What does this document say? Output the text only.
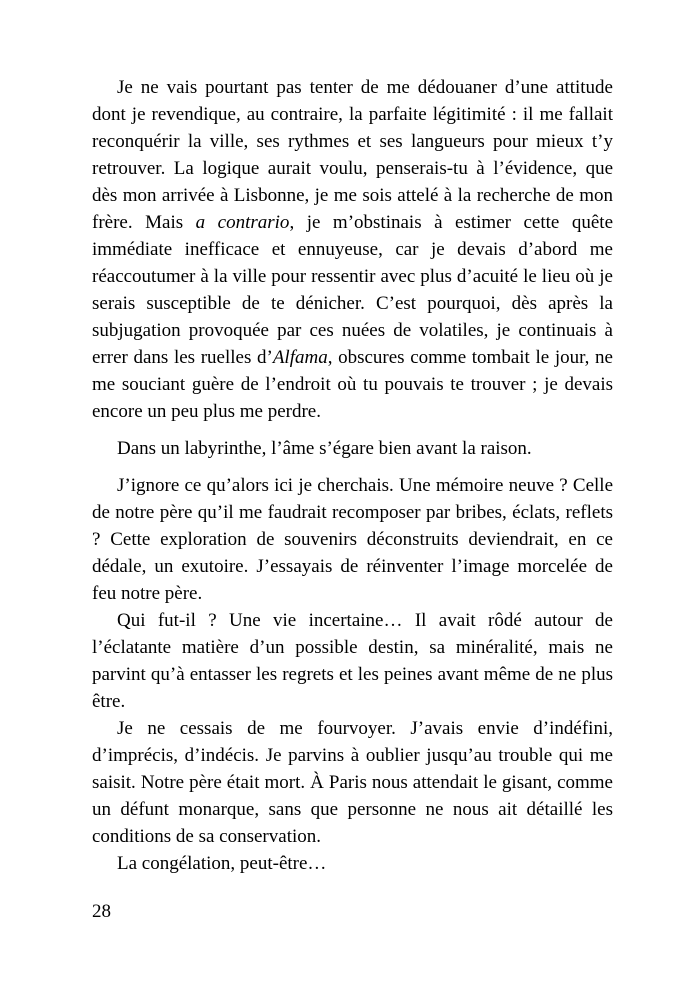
Je ne vais pourtant pas tenter de me dédouaner d’une attitude dont je revendique, au contraire, la parfaite légitimité : il me fallait reconquérir la ville, ses rythmes et ses langueurs pour mieux t’y retrouver. La logique aurait voulu, penserais-tu à l’évidence, que dès mon arrivée à Lisbonne, je me sois attelé à la recherche de mon frère. Mais a contrario, je m’obstinais à estimer cette quête immédiate inefficace et ennuyeuse, car je devais d’abord me réaccoutumer à la ville pour ressentir avec plus d’acuité le lieu où je serais susceptible de te dénicher. C’est pourquoi, dès après la subjugation provoquée par ces nuées de volatiles, je continuais à errer dans les ruelles d’Alfama, obscures comme tombait le jour, ne me souciant guère de l’endroit où tu pouvais te trouver ; je devais encore un peu plus me perdre.

Dans un labyrinthe, l’âme s’égare bien avant la raison.

J’ignore ce qu’alors ici je cherchais. Une mémoire neuve ? Celle de notre père qu’il me faudrait recomposer par bribes, éclats, reflets ? Cette exploration de souvenirs déconstruits deviendrait, en ce dédale, un exutoire. J’essayais de réinventer l’image morcelée de feu notre père.

Qui fut-il ? Une vie incertaine… Il avait rôdé autour de l’éclatante matière d’un possible destin, sa minéralité, mais ne parvint qu’à entasser les regrets et les peines avant même de ne plus être.

Je ne cessais de me fourvoyer. J’avais envie d’indéfini, d’imprécis, d’indécis. Je parvins à oublier jusqu’au trouble qui me saisit. Notre père était mort. À Paris nous attendait le gisant, comme un défunt monarque, sans que personne ne nous ait détaillé les conditions de sa conservation.

La congélation, peut-être…

28
